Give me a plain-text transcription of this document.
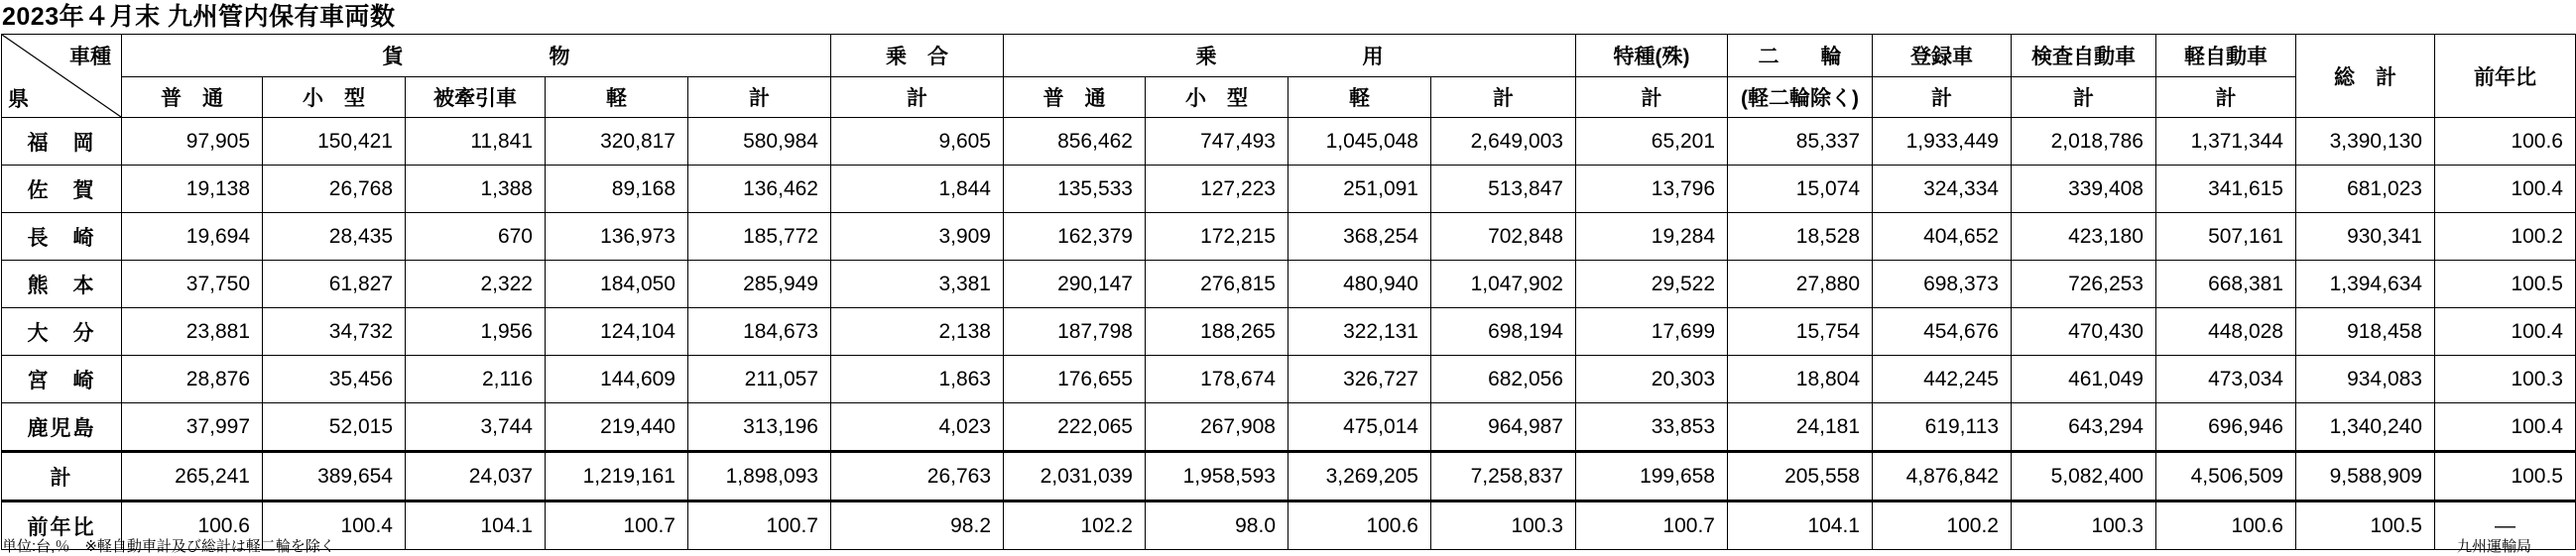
2023年４月末 九州管内保有車両数
車種
県	貨　　　　　　　物					乗　合	乗　　　　　　　用				特種(殊)	二　　輪	登録車	検査自動車	軽自動車	総　計	前年比
	普　通	小　型	被牽引車	軽	計	計	普　通	小　型	軽	計	計	(軽二輪除く)	計	計	計		
福　岡	97,905	150,421	11,841	320,817	580,984	9,605	856,462	747,493	1,045,048	2,649,003	65,201	85,337	1,933,449	2,018,786	1,371,344	3,390,130	100.6
佐　賀	19,138	26,768	1,388	89,168	136,462	1,844	135,533	127,223	251,091	513,847	13,796	15,074	324,334	339,408	341,615	681,023	100.4
長　崎	19,694	28,435	670	136,973	185,772	3,909	162,379	172,215	368,254	702,848	19,284	18,528	404,652	423,180	507,161	930,341	100.2
熊　本	37,750	61,827	2,322	184,050	285,949	3,381	290,147	276,815	480,940	1,047,902	29,522	27,880	698,373	726,253	668,381	1,394,634	100.5
大　分	23,881	34,732	1,956	124,104	184,673	2,138	187,798	188,265	322,131	698,194	17,699	15,754	454,676	470,430	448,028	918,458	100.4
宮　崎	28,876	35,456	2,116	144,609	211,057	1,863	176,655	178,674	326,727	682,056	20,303	18,804	442,245	461,049	473,034	934,083	100.3
鹿児島	37,997	52,015	3,744	219,440	313,196	4,023	222,065	267,908	475,014	964,987	33,853	24,181	619,113	643,294	696,946	1,340,240	100.4
計	265,241	389,654	24,037	1,219,161	1,898,093	26,763	2,031,039	1,958,593	3,269,205	7,258,837	199,658	205,558	4,876,842	5,082,400	4,506,509	9,588,909	100.5
前年比	100.6	100.4	104.1	100.7	100.7	98.2	102.2	98.0	100.6	100.3	100.7	104.1	100.2	100.3	100.6	100.5	—
単位:台,％　※軽自動車計及び総計は軽二輪を除く	九州運輸局
